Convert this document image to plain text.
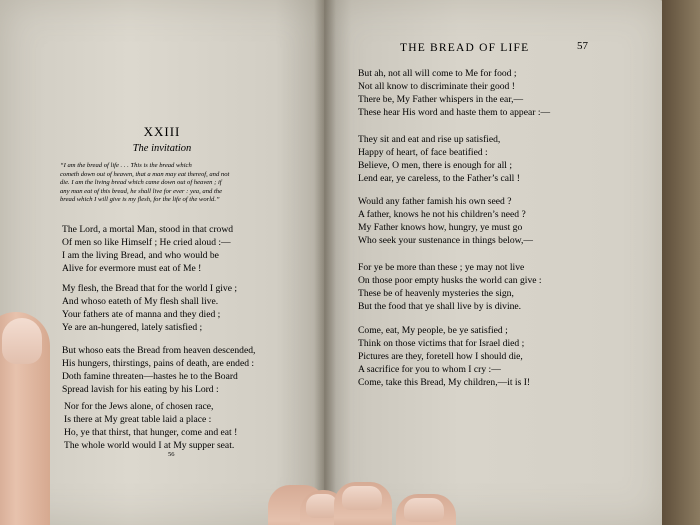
XXIII
The invitation
“I am the bread of life . . . This is the bread which
cometh down out of heaven, that a man may eat thereof, and not
die. I am the living bread which came down out of heaven ; if
any man eat of this bread, he shall live for ever : yea, and the
bread which I will give is my flesh, for the life of the world.”
The Lord, a mortal Man, stood in that crowd
Of men so like Himself ; He cried aloud :—
I am the living Bread, and who would be
Alive for evermore must eat of Me !
My flesh, the Bread that for the world I give ;
And whoso eateth of My flesh shall live.
Your fathers ate of manna and they died ;
Ye are an-hungered, lately satisfied ;
But whoso eats the Bread from heaven descended,
His hungers, thirstings, pains of death, are ended :
Doth famine threaten—hastes he to the Board
Spread lavish for his eating by his Lord :
Nor for the Jews alone, of chosen race,
Is there at My great table laid a place :
Ho, ye that thirst, that hunger, come and eat !
The whole world would I at My supper seat.
56
THE BREAD OF LIFE	57
But ah, not all will come to Me for food ;
Not all know to discriminate their good !
There be, My Father whispers in the ear,—
These hear His word and haste them to appear :—
They sit and eat and rise up satisfied,
Happy of heart, of face beatified :
Believe, O men, there is enough for all ;
Lend ear, ye careless, to the Father’s call !
Would any father famish his own seed ?
A father, knows he not his children’s need ?
My Father knows how, hungry, ye must go
Who seek your sustenance in things below,—
For ye be more than these ; ye may not live
On those poor empty husks the world can give :
These be of heavenly mysteries the sign,
But the food that ye shall live by is divine.
Come, eat, My people, be ye satisfied ;
Think on those victims that for Israel died ;
Pictures are they, foretell how I should die,
A sacrifice for you to whom I cry :—
Come, take this Bread, My children,—it is I!
